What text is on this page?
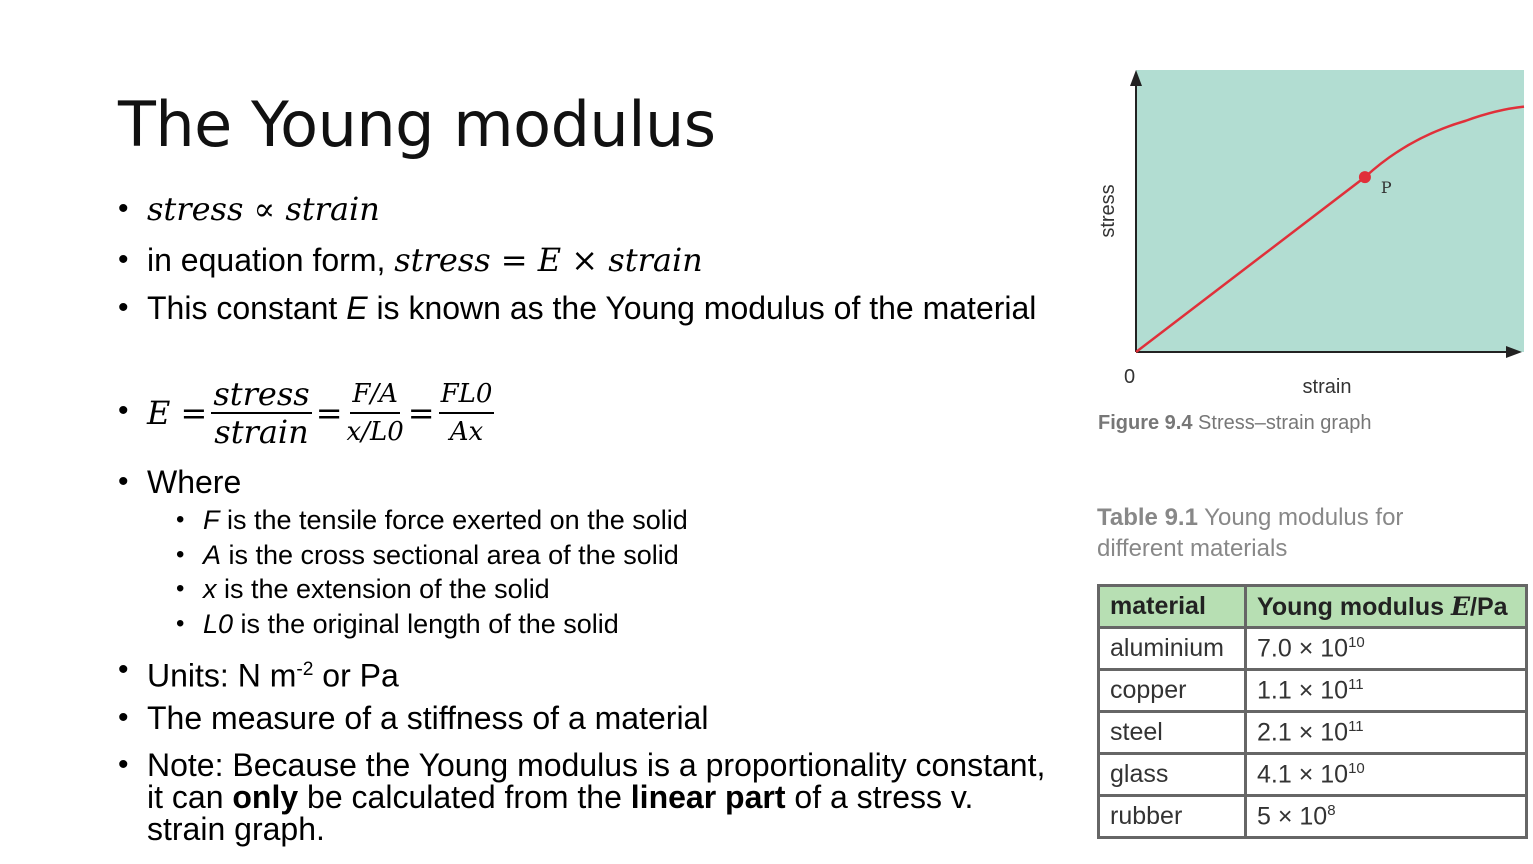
The Young modulus
• stress ∝ strain
• in equation form, stress = E × strain
• This constant E is known as the Young modulus of the material
• $E = \frac{\text{stress}}{\text{strain}} = \frac{F/A}{x/L0} = \frac{FL0}{Ax}$
• Where
• F is the tensile force exerted on the solid
• A is the cross sectional area of the solid
• x is the extension of the solid
• L0 is the original length of the solid
• Units: N $m^{-2}$ or Pa
• The measure of a stiffness of a material
• Note: Because the Young modulus is a proportionality constant, it can only be calculated from the linear part of a stress v. strain graph.
P
0	strain
stress
Figure 9.4 Stress–strain graph
Table 9.1 Young modulus for different materials
material	Young modulus E/Pa
aluminium	$7.0 \times 10^{10}$
copper	$1.1 \times 10^{11}$
steel	$2.1 \times 10^{11}$
glass	$4.1 \times 10^{10}$
rubber	$5 \times 10^8$
